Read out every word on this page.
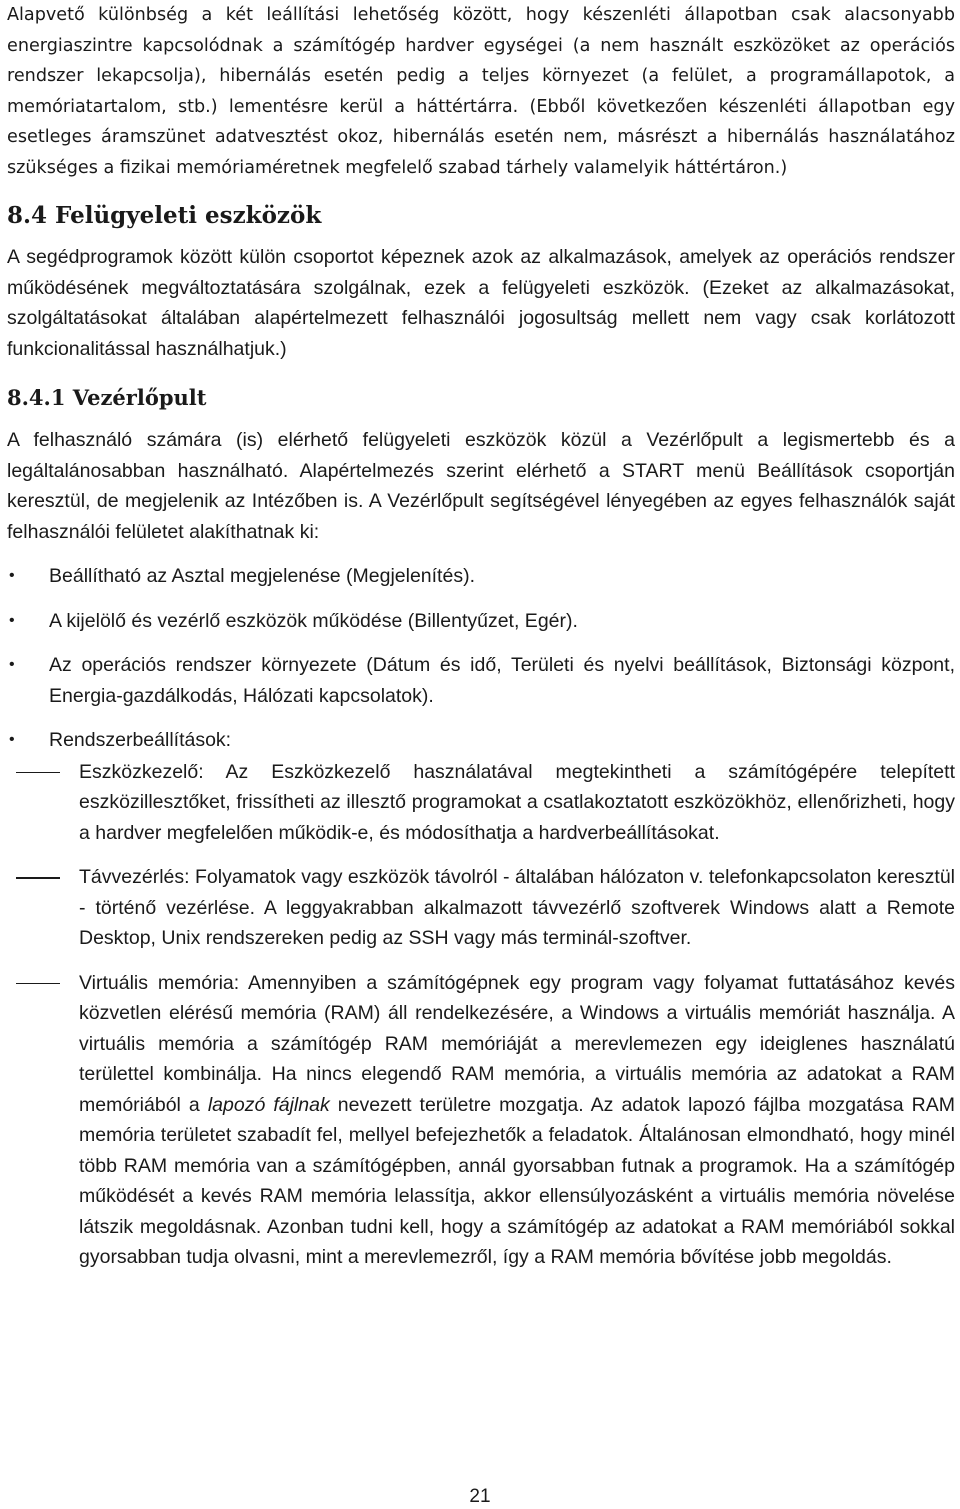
Alapvető különbség a két leállítási lehetőség között, hogy készenléti állapotban csak alacsonyabb energiaszintre kapcsolódnak a számítógép hardver egységei (a nem használt eszközöket az operációs rendszer lekapcsolja), hibernálás esetén pedig a teljes környezet (a felület, a programállapotok, a memóriatartalom, stb.) lementésre kerül a háttértárra. (Ebből következően készenléti állapotban egy esetleges áramszünet adatvesztést okoz, hibernálás esetén nem, másrészt a hibernálás használatához szükséges a fizikai memóriaméretnek megfelelő szabad tárhely valamelyik háttértáron.)

8.4 Felügyeleti eszközök

A segédprogramok között külön csoportot képeznek azok az alkalmazások, amelyek az operációs rendszer működésének megváltoztatására szolgálnak, ezek a felügyeleti eszközök. (Ezeket az alkalmazásokat, szolgáltatásokat általában alapértelmezett felhasználói jogosultság mellett nem vagy csak korlátozott funkcionalitással használhatjuk.)

8.4.1 Vezérlőpult

A felhasználó számára (is) elérhető felügyeleti eszközök közül a Vezérlőpult a legismertebb és a legáltalánosabban használható. Alapértelmezés szerint elérhető a START menü Beállítások csoportján keresztül, de megjelenik az Intézőben is. A Vezérlőpult segítségével lényegében az egyes felhasználók saját felhasználói felületet alakíthatnak ki:

• Beállítható az Asztal megjelenése (Megjelenítés).

• A kijelölő és vezérlő eszközök működése (Billentyűzet, Egér).

• Az operációs rendszer környezete (Dátum és idő, Területi és nyelvi beállítások, Biztonsági központ, Energia-gazdálkodás, Hálózati kapcsolatok).

• Rendszerbeállítások:

Eszközkezelő: Az Eszközkezelő használatával megtekintheti a számítógépére telepített eszközillesztőket, frissítheti az illesztő programokat a csatlakoztatott eszközökhöz, ellenőrizheti, hogy a hardver megfelelően működik-e, és módosíthatja a hardverbeállításokat.

Távvezérlés: Folyamatok vagy eszközök távolról - általában hálózaton v. telefonkapcsolaton keresztül - történő vezérlése. A leggyakrabban alkalmazott távvezérlő szoftverek Windows alatt a Remote Desktop, Unix rendszereken pedig az SSH vagy más terminál-szoftver.

Virtuális memória: Amennyiben a számítógépnek egy program vagy folyamat futtatásához kevés közvetlen elérésű memória (RAM) áll rendelkezésére, a Windows a virtuális memóriát használja. A virtuális memória a számítógép RAM memóriáját a merevlemezen egy ideiglenes használatú területtel kombinálja. Ha nincs elegendő RAM memória, a virtuális memória az adatokat a RAM memóriából a lapozó fájlnak nevezett területre mozgatja. Az adatok lapozó fájlba mozgatása RAM memória területet szabadít fel, mellyel befejezhetők a feladatok. Általánosan elmondható, hogy minél több RAM memória van a számítógépben, annál gyorsabban futnak a programok. Ha a számítógép működését a kevés RAM memória lelassítja, akkor ellensúlyozásként a virtuális memória növelése látszik megoldásnak. Azonban tudni kell, hogy a számítógép az adatokat a RAM memóriából sokkal gyorsabban tudja olvasni, mint a merevlemezről, így a RAM memória bővítése jobb megoldás.

21
